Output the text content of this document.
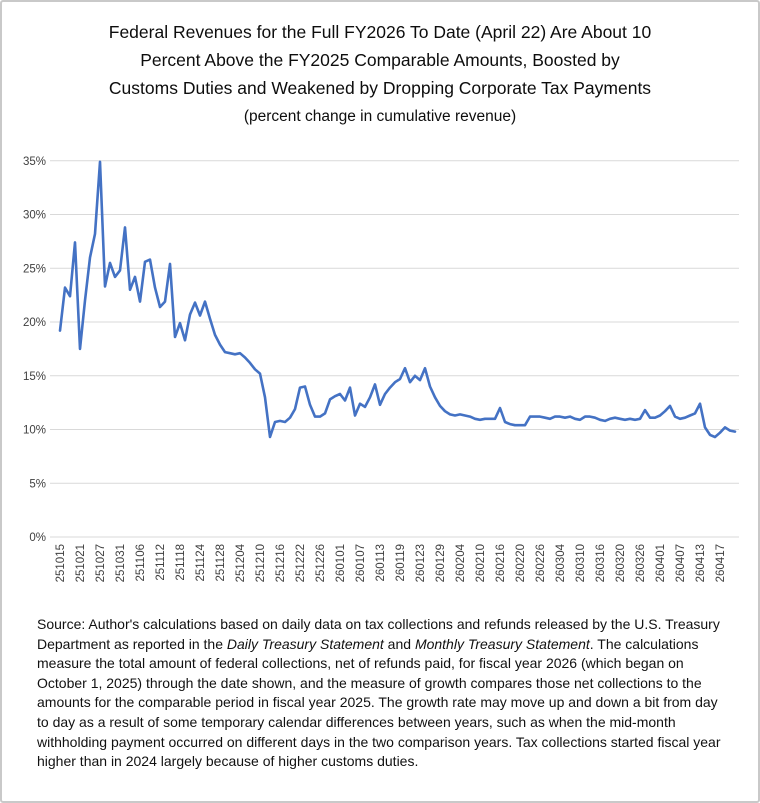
0%
5%
10%
15%
20%
25%
30%
35%
251015 251021 251027 251031 251106 251112 251118 251124 251128 251204 251210 251216 251222 251226 260101 260107 260113 260119 260123 260129 260204 260210 260216 260220 260226 260304 260310 260316 260320 260326 260401 260407 260413 260417
Federal Revenues for the Full FY2026 To Date (April 22) Are About 10
Percent Above the FY2025 Comparable Amounts, Boosted by
Customs Duties and Weakened by Dropping Corporate Tax Payments
(percent change in cumulative revenue)
Source: Author's calculations based on daily data on tax collections and refunds released by the U.S. Treasury Department as reported in the Daily Treasury Statement and Monthly Treasury Statement. The calculations measure the total amount of federal collections, net of refunds paid, for fiscal year 2026 (which began on October 1, 2025) through the date shown, and the measure of growth compares those net collections to the amounts for the comparable period in fiscal year 2025. The growth rate may move up and down a bit from day to day as a result of some temporary calendar differences between years, such as when the mid-month withholding payment occurred on different days in the two comparison years. Tax collections started fiscal year higher than in 2024 largely because of higher customs duties.
